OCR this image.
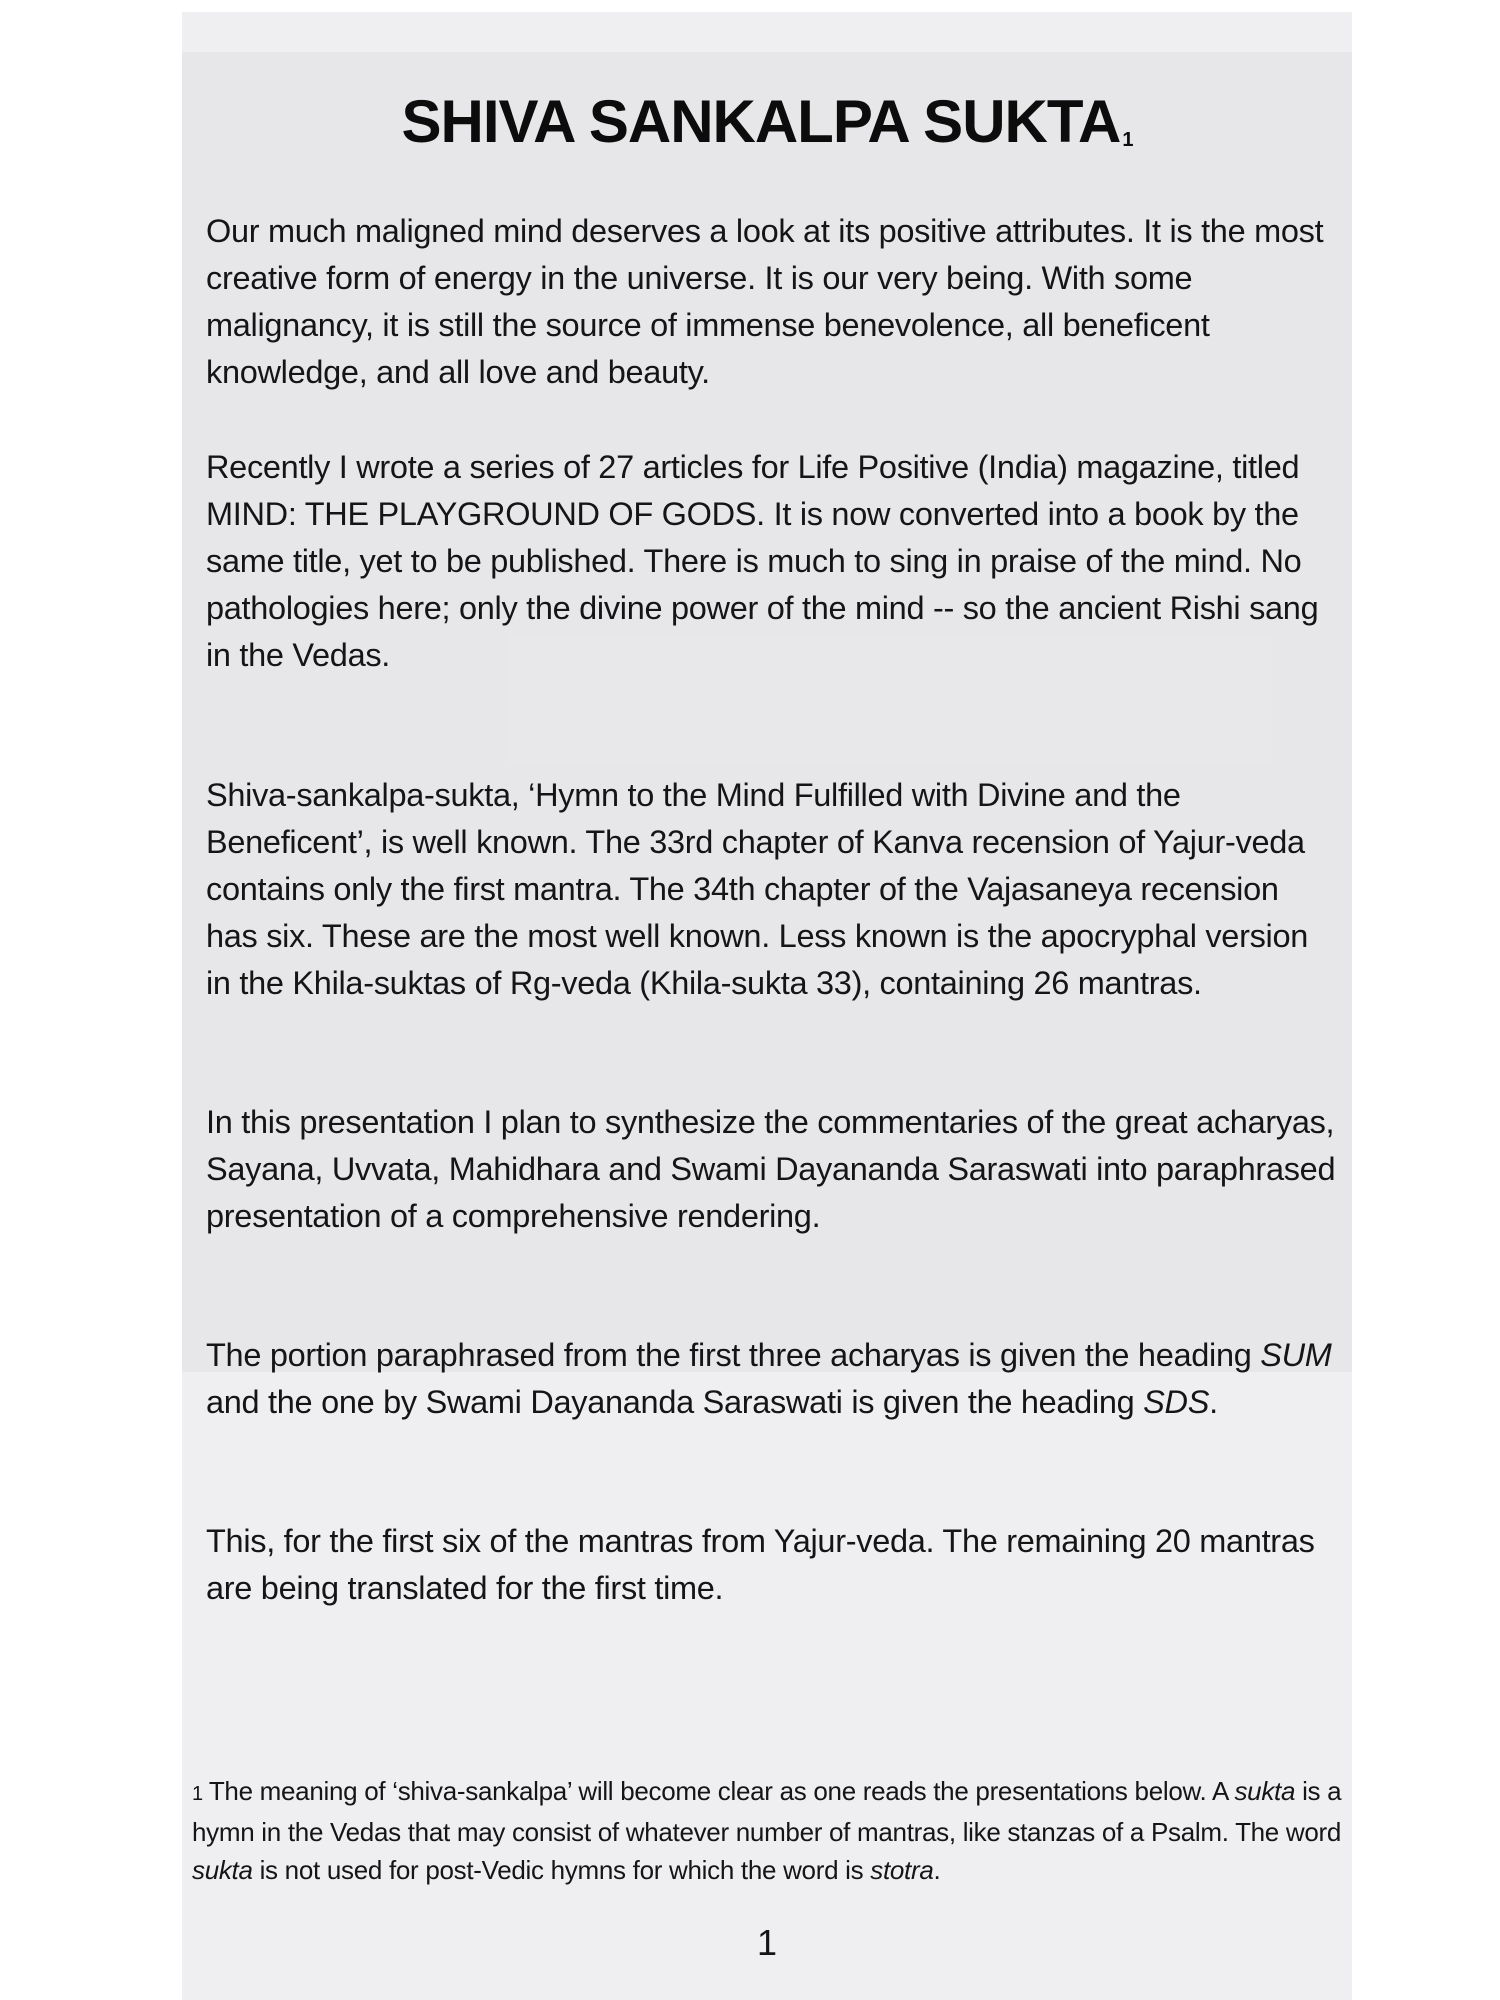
SHIVA SANKALPA SUKTA $^1$

Our much maligned mind deserves a look at its positive attributes. It is the most creative form of energy in the universe. It is our very being. With some malignancy, it is still the source of immense benevolence, all beneficent knowledge, and all love and beauty.

Recently I wrote a series of 27 articles for Life Positive (India) magazine, titled MIND: THE PLAYGROUND OF GODS. It is now converted into a book by the same title, yet to be published. There is much to sing in praise of the mind. No pathologies here; only the divine power of the mind -- so the ancient Rishi sang in the Vedas.

Shiva-sankalpa-sukta, ‘Hymn to the Mind Fulfilled with Divine and the Beneficent’, is well known. The 33rd chapter of Kanva recension of Yajur-veda contains only the first mantra. The 34th chapter of the Vajasaneya recension has six. These are the most well known. Less known is the apocryphal version in the Khila-suktas of Rg-veda (Khila-sukta 33), containing 26 mantras.

In this presentation I plan to synthesize the commentaries of the great acharyas, Sayana, Uvvata, Mahidhara and Swami Dayananda Saraswati into paraphrased presentation of a comprehensive rendering.

The portion paraphrased from the first three acharyas is given the heading SUM and the one by Swami Dayananda Saraswati is given the heading SDS.

This, for the first six of the mantras from Yajur-veda. The remaining 20 mantras are being translated for the first time.

1 The meaning of ‘shiva-sankalpa’ will become clear as one reads the presentations below. A sukta is a hymn in the Vedas that may consist of whatever number of mantras, like stanzas of a Psalm. The word sukta is not used for post-Vedic hymns for which the word is stotra.

1
